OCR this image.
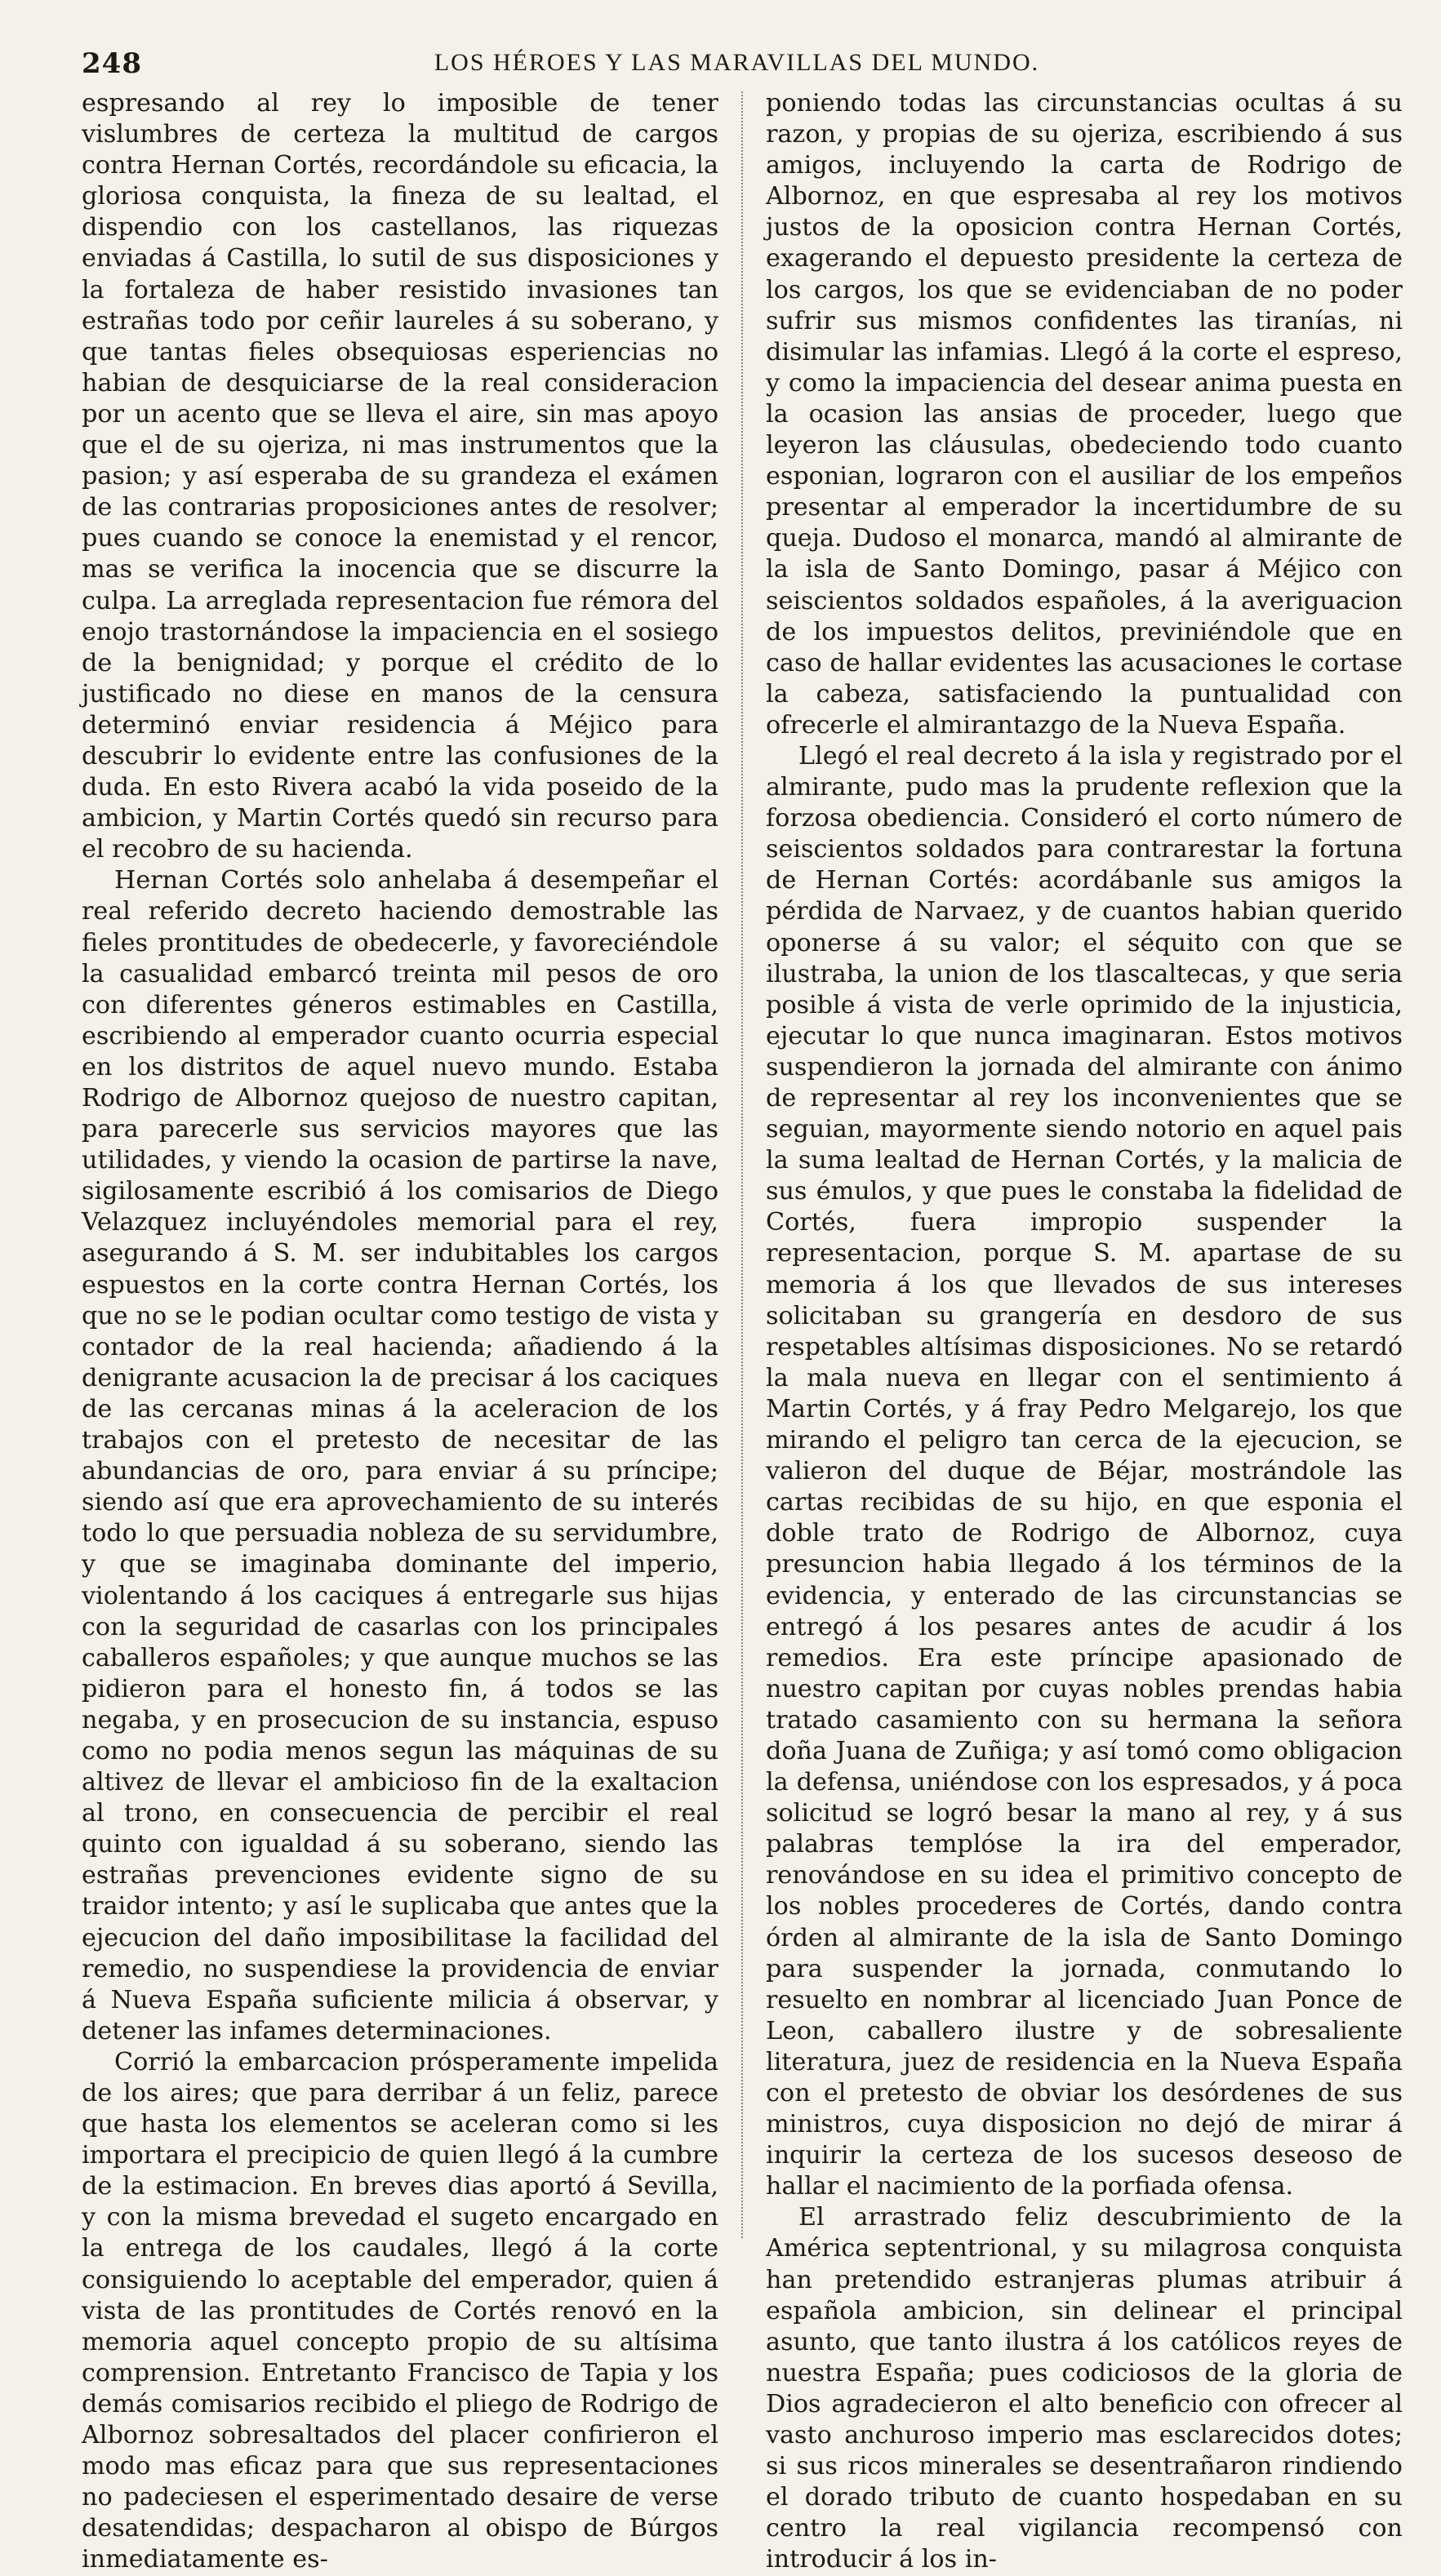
248	LOS HÉROES Y LAS MARAVILLAS DEL MUNDO.

espresando al rey lo imposible de tener vislumbres de certeza la multitud de cargos contra Hernan Cortés, recordándole su eficacia, la gloriosa conquista, la fineza de su lealtad, el dispendio con los castellanos, las riquezas enviadas á Castilla, lo sutil de sus disposiciones y la fortaleza de haber resistido invasiones tan estrañas todo por ceñir laureles á su soberano, y que tantas fieles obsequiosas esperiencias no habian de desquiciarse de la real consideracion por un acento que se lleva el aire, sin mas apoyo que el de su ojeriza, ni mas instrumentos que la pasion; y así esperaba de su grandeza el exámen de las contrarias proposiciones antes de resolver; pues cuando se conoce la enemistad y el rencor, mas se verifica la inocencia que se discurre la culpa. La arreglada representacion fue rémora del enojo trastornándose la impaciencia en el sosiego de la benignidad; y porque el crédito de lo justificado no diese en manos de la censura determinó enviar residencia á Méjico para descubrir lo evidente entre las confusiones de la duda. En esto Rivera acabó la vida poseido de la ambicion, y Martin Cortés quedó sin recurso para el recobro de su hacienda.

Hernan Cortés solo anhelaba á desempeñar el real referido decreto haciendo demostrable las fieles prontitudes de obedecerle, y favoreciéndole la casualidad embarcó treinta mil pesos de oro con diferentes géneros estimables en Castilla, escribiendo al emperador cuanto ocurria especial en los distritos de aquel nuevo mundo. Estaba Rodrigo de Albornoz quejoso de nuestro capitan, para parecerle sus servicios mayores que las utilidades, y viendo la ocasion de partirse la nave, sigilosamente escribió á los comisarios de Diego Velazquez incluyéndoles memorial para el rey, asegurando á S. M. ser indubitables los cargos espuestos en la corte contra Hernan Cortés, los que no se le podian ocultar como testigo de vista y contador de la real hacienda; añadiendo á la denigrante acusacion la de precisar á los caciques de las cercanas minas á la aceleracion de los trabajos con el pretesto de necesitar de las abundancias de oro, para enviar á su príncipe; siendo así que era aprovechamiento de su interés todo lo que persuadia nobleza de su servidumbre, y que se imaginaba dominante del imperio, violentando á los caciques á entregarle sus hijas con la seguridad de casarlas con los principales caballeros españoles; y que aunque muchos se las pidieron para el honesto fin, á todos se las negaba, y en prosecucion de su instancia, espuso como no podia menos segun las máquinas de su altivez de llevar el ambicioso fin de la exaltacion al trono, en consecuencia de percibir el real quinto con igualdad á su soberano, siendo las estrañas prevenciones evidente signo de su traidor intento; y así le suplicaba que antes que la ejecucion del daño imposibilitase la facilidad del remedio, no suspendiese la providencia de enviar á Nueva España suficiente milicia á observar, y detener las infames determinaciones.

Corrió la embarcacion prósperamente impelida de los aires; que para derribar á un feliz, parece que hasta los elementos se aceleran como si les importara el precipicio de quien llegó á la cumbre de la estimacion. En breves dias aportó á Sevilla, y con la misma brevedad el sugeto encargado en la entrega de los caudales, llegó á la corte consiguiendo lo aceptable del emperador, quien á vista de las prontitudes de Cortés renovó en la memoria aquel concepto propio de su altísima comprension. Entretanto Francisco de Tapia y los demás comisarios recibido el pliego de Rodrigo de Albornoz sobresaltados del placer confirieron el modo mas eficaz para que sus representaciones no padeciesen el esperimentado desaire de verse desatendidas; despacharon al obispo de Búrgos inmediatamente es-

poniendo todas las circunstancias ocultas á su razon, y propias de su ojeriza, escribiendo á sus amigos, incluyendo la carta de Rodrigo de Albornoz, en que espresaba al rey los motivos justos de la oposicion contra Hernan Cortés, exagerando el depuesto presidente la certeza de los cargos, los que se evidenciaban de no poder sufrir sus mismos confidentes las tiranías, ni disimular las infamias. Llegó á la corte el espreso, y como la impaciencia del desear anima puesta en la ocasion las ansias de proceder, luego que leyeron las cláusulas, obedeciendo todo cuanto esponian, lograron con el ausiliar de los empeños presentar al emperador la incertidumbre de su queja. Dudoso el monarca, mandó al almirante de la isla de Santo Domingo, pasar á Méjico con seiscientos soldados españoles, á la averiguacion de los impuestos delitos, previniéndole que en caso de hallar evidentes las acusaciones le cortase la cabeza, satisfaciendo la puntualidad con ofrecerle el almirantazgo de la Nueva España.

Llegó el real decreto á la isla y registrado por el almirante, pudo mas la prudente reflexion que la forzosa obediencia. Consideró el corto número de seiscientos soldados para contrarestar la fortuna de Hernan Cortés: acordábanle sus amigos la pérdida de Narvaez, y de cuantos habian querido oponerse á su valor; el séquito con que se ilustraba, la union de los tlascaltecas, y que seria posible á vista de verle oprimido de la injusticia, ejecutar lo que nunca imaginaran. Estos motivos suspendieron la jornada del almirante con ánimo de representar al rey los inconvenientes que se seguian, mayormente siendo notorio en aquel pais la suma lealtad de Hernan Cortés, y la malicia de sus émulos, y que pues le constaba la fidelidad de Cortés, fuera impropio suspender la representacion, porque S. M. apartase de su memoria á los que llevados de sus intereses solicitaban su grangería en desdoro de sus respetables altísimas disposiciones. No se retardó la mala nueva en llegar con el sentimiento á Martin Cortés, y á fray Pedro Melgarejo, los que mirando el peligro tan cerca de la ejecucion, se valieron del duque de Béjar, mostrándole las cartas recibidas de su hijo, en que esponia el doble trato de Rodrigo de Albornoz, cuya presuncion habia llegado á los términos de la evidencia, y enterado de las circunstancias se entregó á los pesares antes de acudir á los remedios. Era este príncipe apasionado de nuestro capitan por cuyas nobles prendas habia tratado casamiento con su hermana la señora doña Juana de Zuñiga; y así tomó como obligacion la defensa, uniéndose con los espresados, y á poca solicitud se logró besar la mano al rey, y á sus palabras templóse la ira del emperador, renovándose en su idea el primitivo concepto de los nobles procederes de Cortés, dando contra órden al almirante de la isla de Santo Domingo para suspender la jornada, conmutando lo resuelto en nombrar al licenciado Juan Ponce de Leon, caballero ilustre y de sobresaliente literatura, juez de residencia en la Nueva España con el pretesto de obviar los desórdenes de sus ministros, cuya disposicion no dejó de mirar á inquirir la certeza de los sucesos deseoso de hallar el nacimiento de la porfiada ofensa.

El arrastrado feliz descubrimiento de la América septentrional, y su milagrosa conquista han pretendido estranjeras plumas atribuir á española ambicion, sin delinear el principal asunto, que tanto ilustra á los católicos reyes de nuestra España; pues codiciosos de la gloria de Dios agradecieron el alto beneficio con ofrecer al vasto anchuroso imperio mas esclarecidos dotes; si sus ricos minerales se desentrañaron rindiendo el dorado tributo de cuanto hospedaban en su centro la real vigilancia recompensó con introducir á los in-
